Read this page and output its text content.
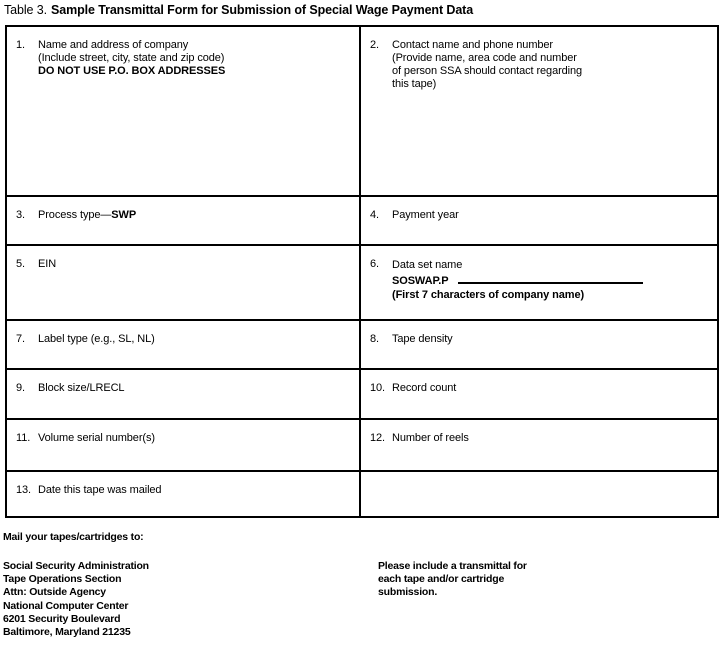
Table 3. Sample Transmittal Form for Submission of Special Wage Payment Data
1.	Name and address of company
(Include street, city, state and zip code)
DO NOT USE P.O. BOX ADDRESSES
2.	Contact name and phone number
(Provide name, area code and number
of person SSA should contact regarding
this tape)
3.	Process type—SWP	4.	Payment year
5.	EIN	6.	Data set name
SOSWAP.P
(First 7 characters of company name)
7.	Label type (e.g., SL, NL)	8.	Tape density
9.	Block size/LRECL	10. Record count
11. Volume serial number(s)	12. Number of reels
13. Date this tape was mailed
Mail your tapes/cartridges to:
Social Security Administration
Tape Operations Section
Attn: Outside Agency
National Computer Center
6201 Security Boulevard
Baltimore, Maryland 21235
Please include a transmittal for
each tape and/or cartridge
submission.
